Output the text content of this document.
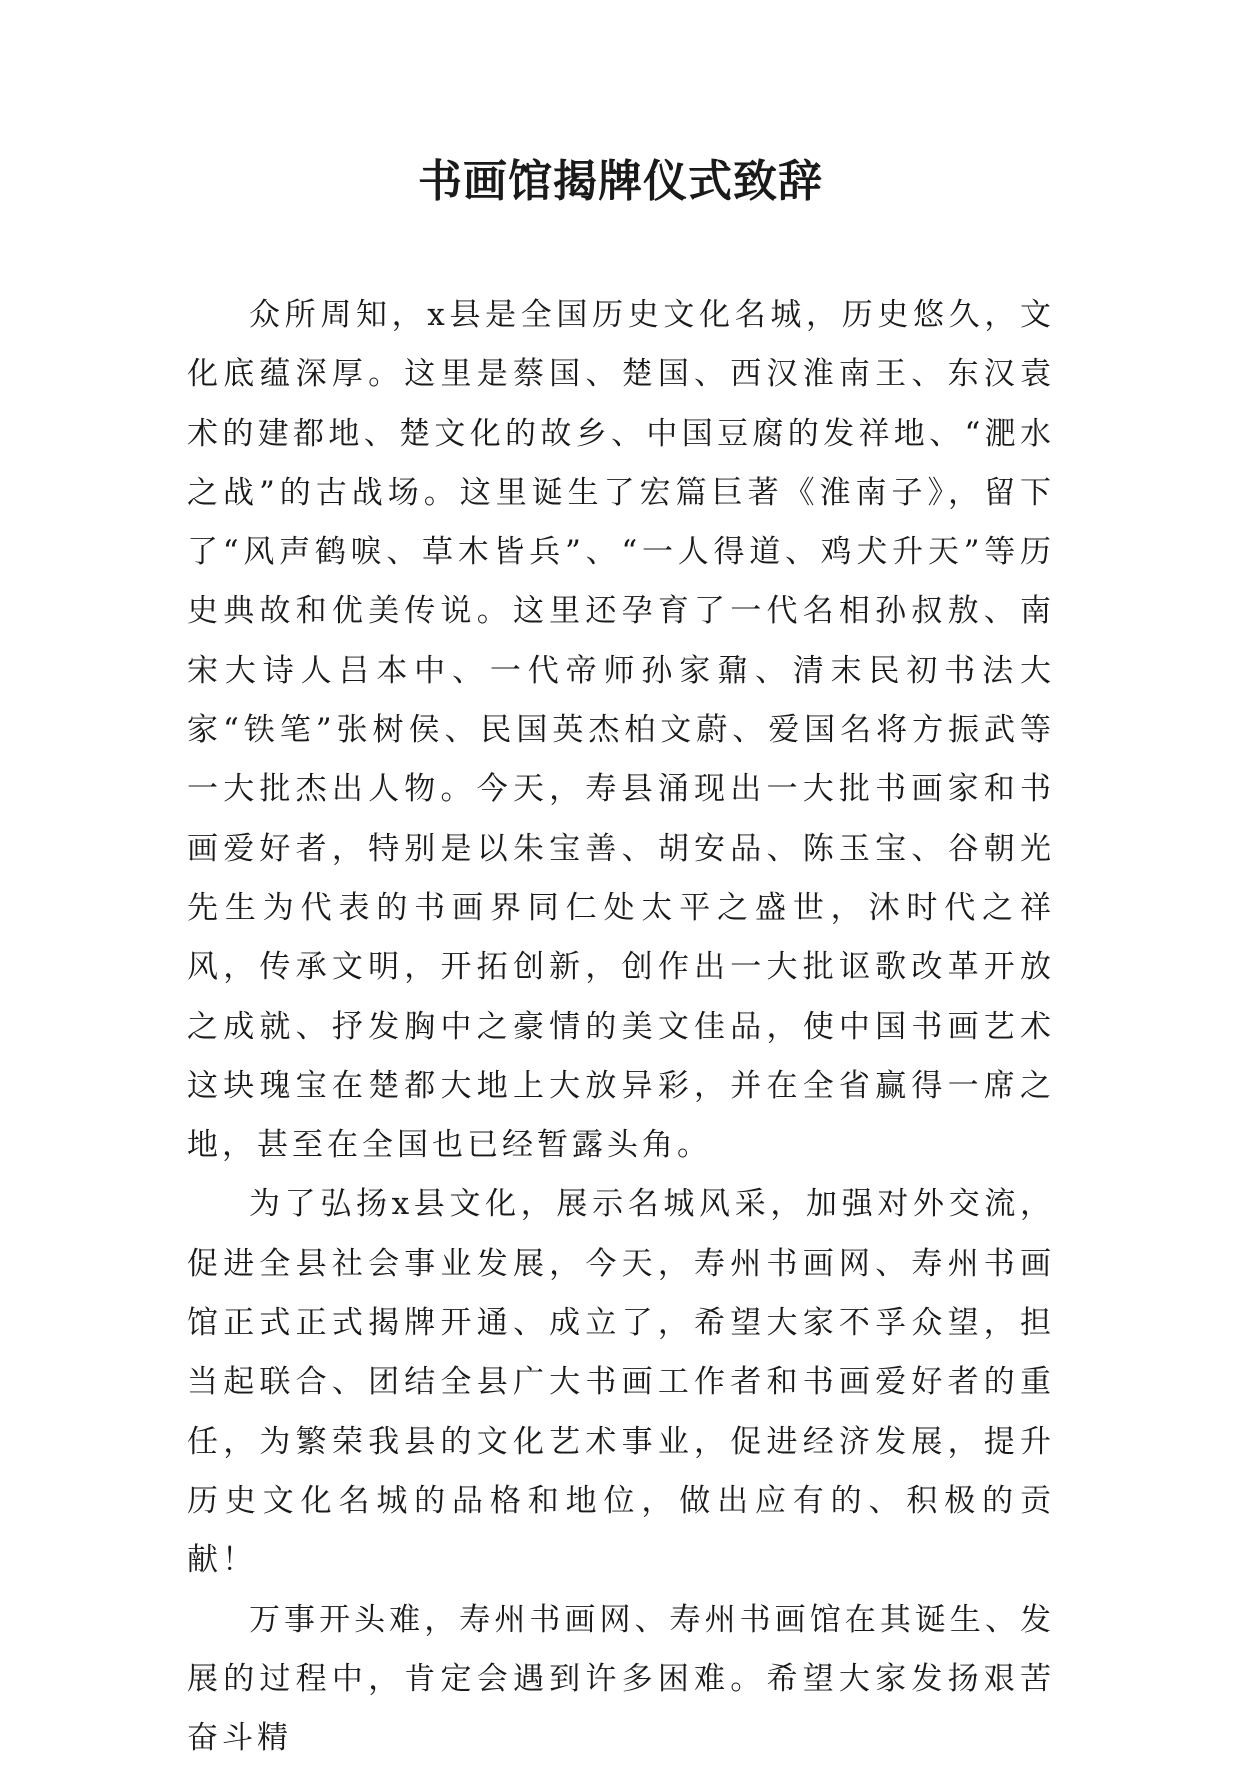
书画馆揭牌仪式致辞

众所周知，x县是全国历史文化名城，历史悠久，文化底蕴深厚。这里是蔡国、楚国、西汉淮南王、东汉袁术的建都地、楚文化的故乡、中国豆腐的发祥地、“淝水之战”的古战场。这里诞生了宏篇巨著《淮南子》，留下了“风声鹤唳、草木皆兵”、“一人得道、鸡犬升天”等历史典故和优美传说。这里还孕育了一代名相孙叔敖、南宋大诗人吕本中、一代帝师孙家鼐、清末民初书法大家“铁笔”张树侯、民国英杰柏文蔚、爱国名将方振武等一大批杰出人物。今天，寿县涌现出一大批书画家和书画爱好者，特别是以朱宝善、胡安品、陈玉宝、谷朝光先生为代表的书画界同仁处太平之盛世，沐时代之祥风，传承文明，开拓创新，创作出一大批讴歌改革开放之成就、抒发胸中之豪情的美文佳品，使中国书画艺术这块瑰宝在楚都大地上大放异彩，并在全省赢得一席之地，甚至在全国也已经暂露头角。

为了弘扬x县文化，展示名城风采，加强对外交流，促进全县社会事业发展，今天，寿州书画网、寿州书画馆正式正式揭牌开通、成立了，希望大家不孚众望，担当起联合、团结全县广大书画工作者和书画爱好者的重任，为繁荣我县的文化艺术事业，促进经济发展，提升历史文化名城的品格和地位，做出应有的、积极的贡献！

万事开头难，寿州书画网、寿州书画馆在其诞生、发展的过程中，肯定会遇到许多困难。希望大家发扬艰苦奋斗精
